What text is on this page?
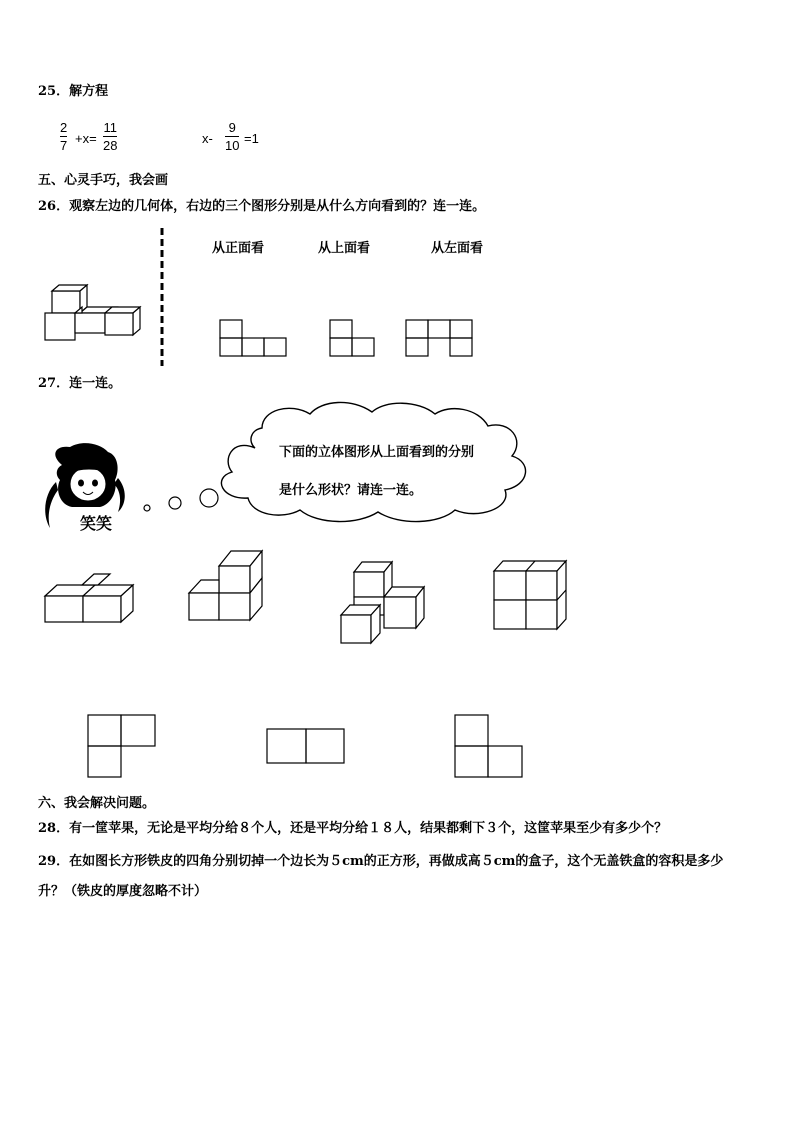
25．解方程
2
7 +x=
11
28	x-
9
10 =1
五、心灵手巧，我会画
26．观察左边的几何体，右边的三个图形分别是从什么方向看到的？连一连。
从正面看	从上面看	从左面看
27．连一连。
下面的立体图形从上面看到的分别
是什么形状？请连一连。
笑笑
六、我会解决问题。
28．有一筐苹果，无论是平均分给８个人，还是平均分给１８人，结果都剩下３个，这筐苹果至少有多少个？
29．在如图长方形铁皮的四角分别切掉一个边长为５cm的正方形，再做成高５cm的盒子，这个无盖铁盒的容积是多少
升？（铁皮的厚度忽略不计）
